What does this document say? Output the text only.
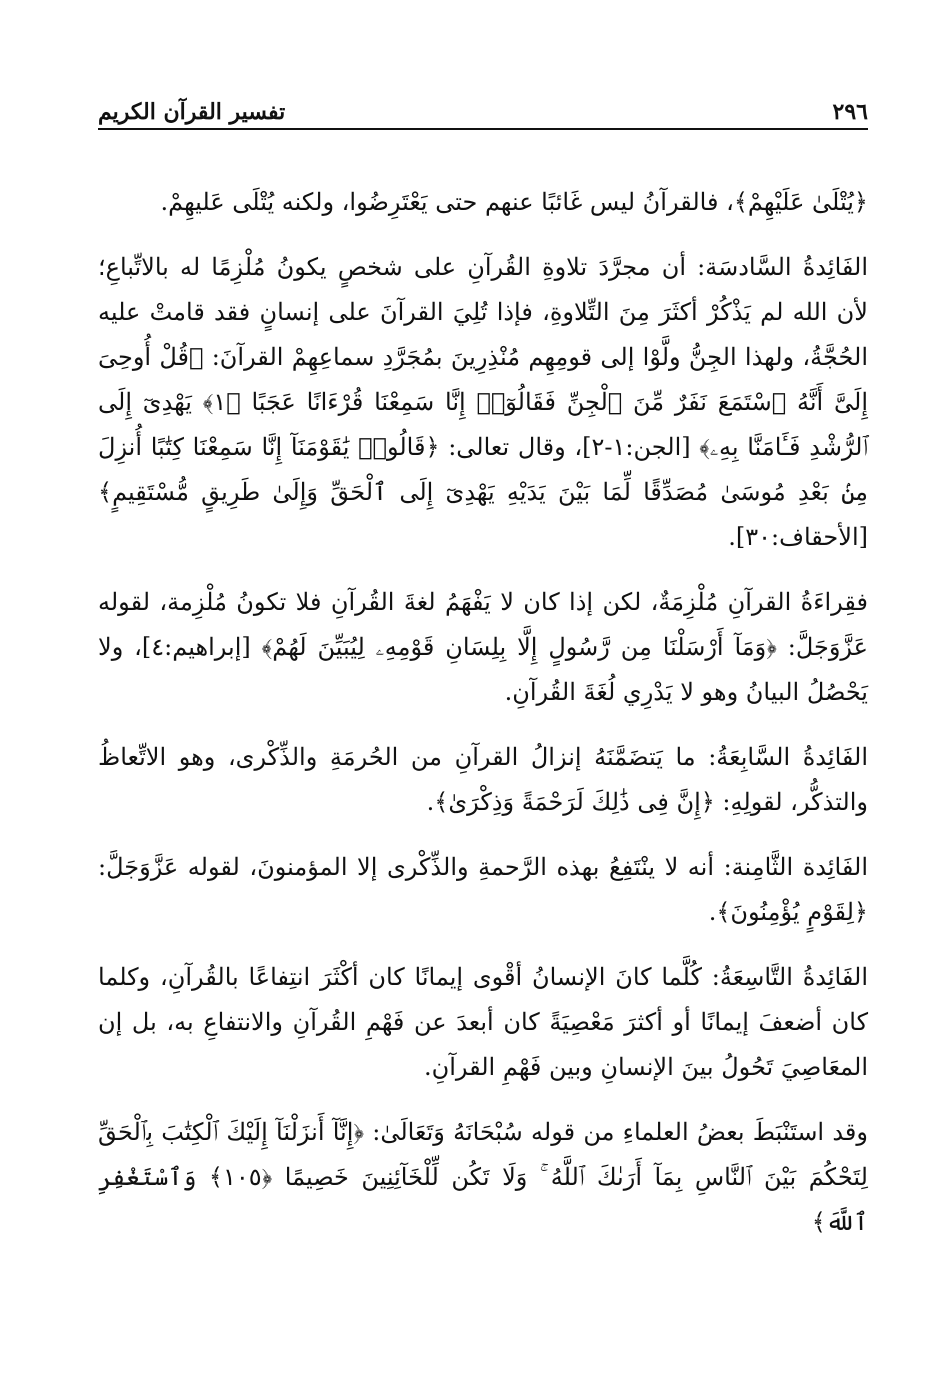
٢٩٦
تفسير القرآن الكريم

﴿يُتْلَىٰ عَلَيْهِمْ﴾، فالقرآنُ ليس غَائبًا عنهم حتى يَعْتَرِضُوا، ولكنه يُتْلَى عَليهِمْ.

الفَائِدةُ السَّادسَة: أن مجرَّدَ تلاوةِ القُرآنِ على شخصٍ يكونُ مُلْزِمًا له بالاتِّباعِ؛ لأن الله لم يَذْكُرْ أكثَرَ مِنَ التِّلاوةِ، فإذا تُلِيَ القرآنَ على إنسانٍ فقد قامتْ عليه الحُجَّةُ، ولهذا الجِنُّ ولَّوْا إلى قومِهِم مُنْذِرِينَ بمُجَرَّدِ سماعِهِمْ القرآنَ: ﴿قُلْ أُوحِىَ إِلَىَّ أَنَّهُ ٱسْتَمَعَ نَفَرٌ مِّنَ ٱلْجِنِّ فَقَالُوٓا۟ إِنَّا سَمِعْنَا قُرْءَانًا عَجَبًا ﴿١﴾ يَهْدِىٓ إِلَى ٱلرُّشْدِ فَـَٔامَنَّا بِهِۦ﴾ [الجن:١-٢]، وقال تعالى: ﴿قَالُوا۟ يَٰقَوْمَنَآ إِنَّا سَمِعْنَا كِتَٰبًا أُنزِلَ مِنۢ بَعْدِ مُوسَىٰ مُصَدِّقًا لِّمَا بَيْنَ يَدَيْهِ يَهْدِىٓ إِلَى ٱلْحَقِّ وَإِلَىٰ طَرِيقٍ مُّسْتَقِيمٍ﴾ [الأحقاف:٣٠].

فقِراءَةُ القرآنِ مُلْزِمَةٌ، لكن إذا كان لا يَفْهَمُ لغةَ القُرآنِ فلا تكونُ مُلْزِمة، لقوله عَزَّوَجَلَّ: ﴿وَمَآ أَرْسَلْنَا مِن رَّسُولٍ إِلَّا بِلِسَانِ قَوْمِهِۦ لِيُبَيِّنَ لَهُمْ﴾ [إبراهيم:٤]، ولا يَحْصُلُ البيانُ وهو لا يَدْرِي لُغَةَ القُرآنِ.

الفَائِدةُ السَّابِعَةُ: ما يَتضَمَّنَهُ إنزالُ القرآنِ من الحُرمَةِ والذِّكْرى، وهو الاتِّعاظُ والتذكُّر، لقولِهِ: ﴿إِنَّ فِى ذَٰلِكَ لَرَحْمَةً وَذِكْرَىٰ﴾.

الفَائِدة الثَّامِنة: أنه لا ينْتَفِعُ بهذه الرَّحمةِ والذِّكْرى إلا المؤمنونَ، لقوله عَزَّوَجَلَّ: ﴿لِقَوْمٍ يُؤْمِنُونَ﴾.

الفَائِدةُ التَّاسِعَةُ: كُلَّما كانَ الإنسانُ أقْوى إيمانًا كان أكْثَرَ انتِفاعًا بالقُرآنِ، وكلما كان أضعفَ إيمانًا أو أكثرَ مَعْصِيَةً كان أبعدَ عن فَهْمِ القُرآنِ والانتفاعِ به، بل إن المعَاصِيَ تَحُولُ بينَ الإنسانِ وبين فَهْمِ القرآنِ.

وقد استَنْبَطَ بعضُ العلماءِ من قوله سُبْحَانَهُ وَتَعَالَىٰ: ﴿إِنَّآ أَنزَلْنَآ إِلَيْكَ ٱلْكِتَٰبَ بِٱلْحَقِّ لِتَحْكُمَ بَيْنَ ٱلنَّاسِ بِمَآ أَرَىٰكَ ٱللَّهُ ۚ وَلَا تَكُن لِّلْخَآئِنِينَ خَصِيمًا ﴿١٠٥﴾ وَٱسْتَغْفِرِ ٱللَّهَ﴾
